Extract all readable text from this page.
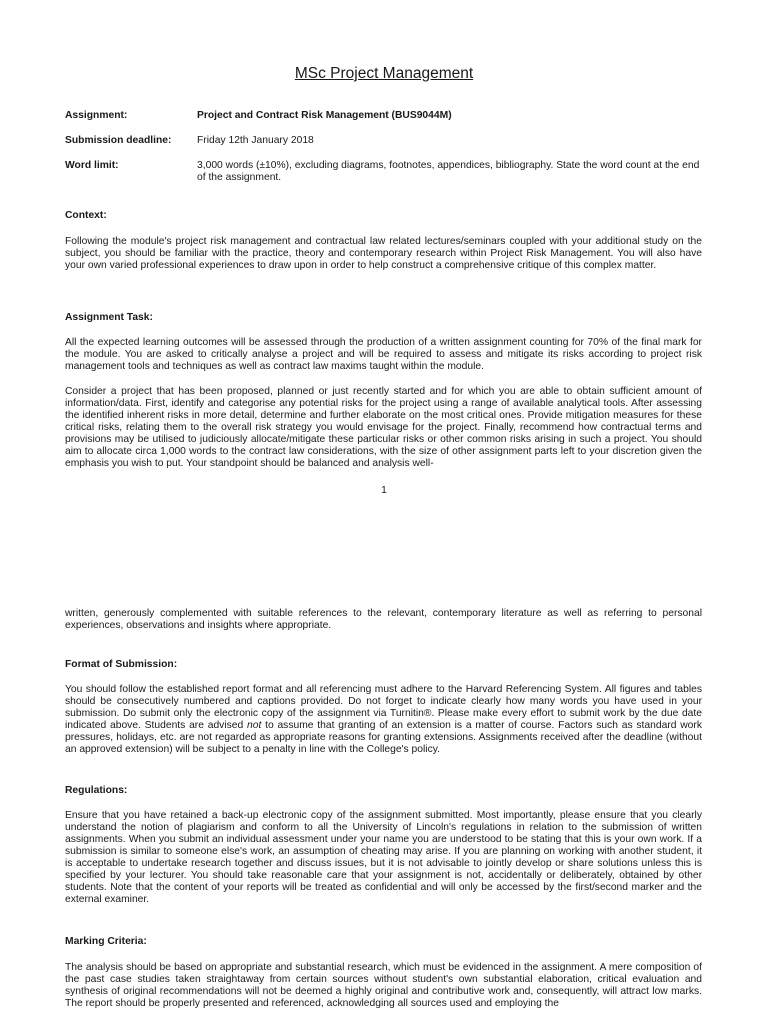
MSc Project Management
Assignment:	Project and Contract Risk Management (BUS9044M)
Submission deadline:	Friday 12th January 2018
Word limit:	3,000 words (±10%), excluding diagrams, footnotes, appendices, bibliography. State the word count at the end of the assignment.
Context:
Following the module's project risk management and contractual law related lectures/seminars coupled with your additional study on the subject, you should be familiar with the practice, theory and contemporary research within Project Risk Management. You will also have your own varied professional experiences to draw upon in order to help construct a comprehensive critique of this complex matter.
Assignment Task:
All the expected learning outcomes will be assessed through the production of a written assignment counting for 70% of the final mark for the module. You are asked to critically analyse a project and will be required to assess and mitigate its risks according to project risk management tools and techniques as well as contract law maxims taught within the module.
Consider a project that has been proposed, planned or just recently started and for which you are able to obtain sufficient amount of information/data. First, identify and categorise any potential risks for the project using a range of available analytical tools. After assessing the identified inherent risks in more detail, determine and further elaborate on the most critical ones. Provide mitigation measures for these critical risks, relating them to the overall risk strategy you would envisage for the project. Finally, recommend how contractual terms and provisions may be utilised to judiciously allocate/mitigate these particular risks or other common risks arising in such a project. You should aim to allocate circa 1,000 words to the contract law considerations, with the size of other assignment parts left to your discretion given the emphasis you wish to put. Your standpoint should be balanced and analysis well-
1
written, generously complemented with suitable references to the relevant, contemporary literature as well as referring to personal experiences, observations and insights where appropriate.
Format of Submission:
You should follow the established report format and all referencing must adhere to the Harvard Referencing System. All figures and tables should be consecutively numbered and captions provided. Do not forget to indicate clearly how many words you have used in your submission. Do submit only the electronic copy of the assignment via Turnitin®. Please make every effort to submit work by the due date indicated above. Students are advised not to assume that granting of an extension is a matter of course. Factors such as standard work pressures, holidays, etc. are not regarded as appropriate reasons for granting extensions. Assignments received after the deadline (without an approved extension) will be subject to a penalty in line with the College's policy.
Regulations:
Ensure that you have retained a back-up electronic copy of the assignment submitted. Most importantly, please ensure that you clearly understand the notion of plagiarism and conform to all the University of Lincoln's regulations in relation to the submission of written assignments. When you submit an individual assessment under your name you are understood to be stating that this is your own work. If a submission is similar to someone else's work, an assumption of cheating may arise. If you are planning on working with another student, it is acceptable to undertake research together and discuss issues, but it is not advisable to jointly develop or share solutions unless this is specified by your lecturer. You should take reasonable care that your assignment is not, accidentally or deliberately, obtained by other students. Note that the content of your reports will be treated as confidential and will only be accessed by the first/second marker and the external examiner.
Marking Criteria:
The analysis should be based on appropriate and substantial research, which must be evidenced in the assignment. A mere composition of the past case studies taken straightaway from certain sources without student's own substantial elaboration, critical evaluation and synthesis of original recommendations will not be deemed a highly original and contributive work and, consequently, will attract low marks. The report should be properly presented and referenced, acknowledging all sources used and employing the
